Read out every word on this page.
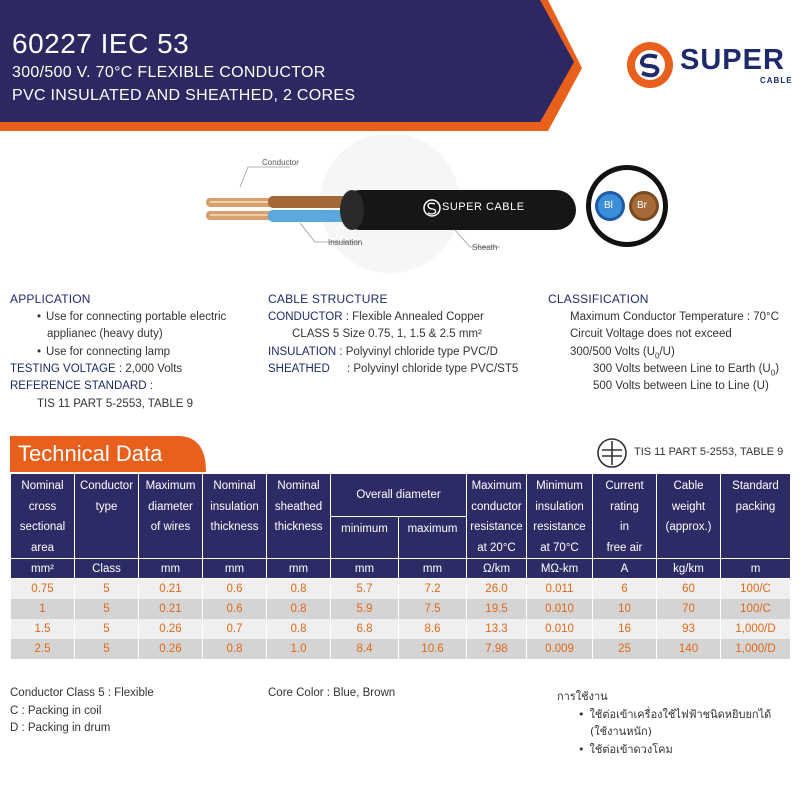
60227 IEC 53
300/500 V. 70°C FLEXIBLE CONDUCTOR
PVC INSULATED AND SHEATHED, 2 CORES
SUPER
CABLE
Conductor
Insulation
Sheath
SUPER CABLE	Bl Br
APPLICATION
• Use for connecting portable electric
applianec (heavy duty)
• Use for connecting lamp
TESTING VOLTAGE : 2,000 Volts
REFERENCE STANDARD :
TIS 11 PART 5-2553, TABLE 9
CABLE STRUCTURE
CONDUCTOR : Flexible Annealed Copper
CLASS 5 Size 0.75, 1, 1.5 & 2.5 mm²
INSULATION : Polyvinyl chloride type PVC/D
SHEATHED : Polyvinyl chloride type PVC/ST5
CLASSIFICATION
Maximum Conductor Temperature : 70°C
Circuit Voltage does not exceed
300/500 Volts $(U_0/U)$
300 Volts between Line to Earth $(U_0)$
500 Volts between Line to Line (U)
Technical Data	TIS 11 PART 5-2553, TABLE 9
Nominal
cross
sectional
area	Conductor
type	Maximum
diameter
of wires	Nominal
insulation
thickness	Nominal
sheathed
thickness	Overall diameter		Maximum
conductor
resistance
at 20°C	Minimum
insulation
resistance
at 70°C	Current
rating
in
free air	Cable
weight
(approx.)	Standard
packing
					minimum	maximum					
mm²	Class	mm	mm	mm	mm	mm	Ω/km	MΩ-km	A	kg/km	m
0.75	5	0.21	0.6	0.8	5.7	7.2	26.0	0.011	6	60	100/C
1	5	0.21	0.6	0.8	5.9	7.5	19.5	0.010	10	70	100/C
1.5	5	0.26	0.7	0.8	6.8	8.6	13.3	0.010	16	93	1,000/D
2.5	5	0.26	0.8	1.0	8.4	10.6	7.98	0.009	25	140	1,000/D
Conductor Class 5 : Flexible
C : Packing in coil
D : Packing in drum
Core Color : Blue, Brown	การใช้งาน
• ใช้ต่อเข้าเครื่องใช้ไฟฟ้าชนิดหยิบยกได้
(ใช้งานหนัก)
• ใช้ต่อเข้าดวงโคม
